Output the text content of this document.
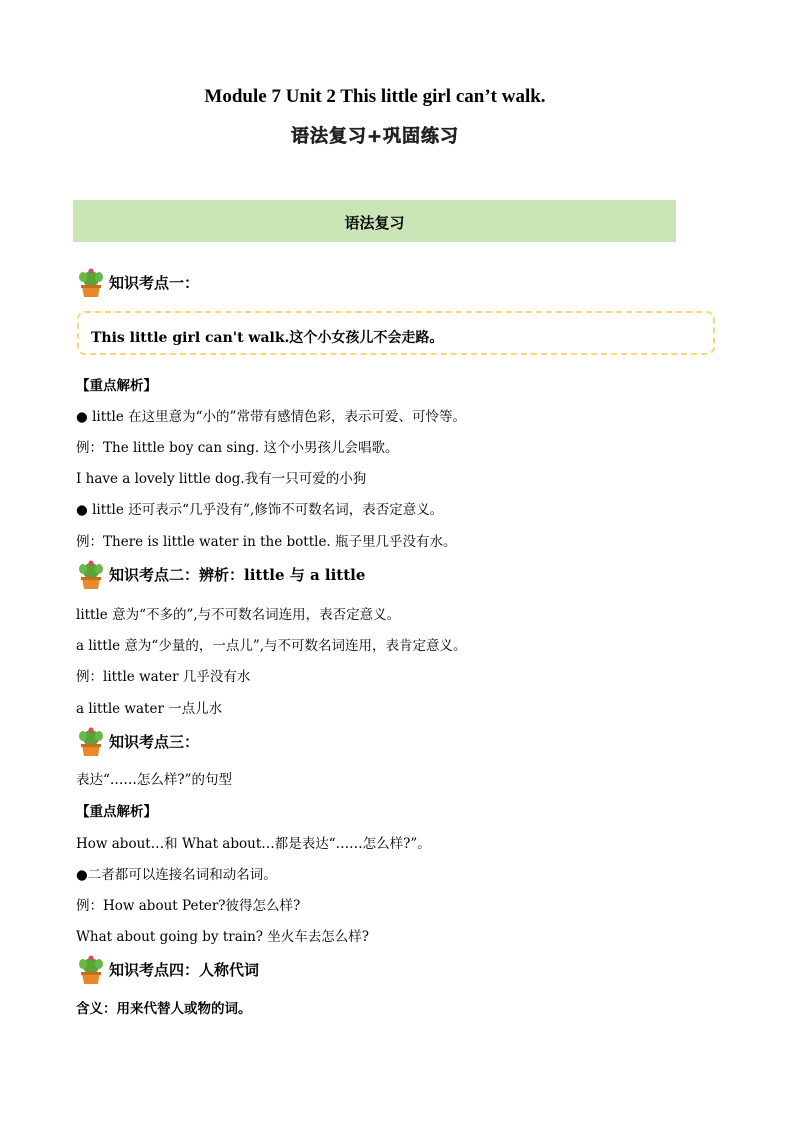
Module 7 Unit 2 This little girl can’t walk.
语法复习+巩固练习
语法复习
知识考点一：
This little girl can't walk.这个小女孩儿不会走路。
【重点解析】
● little 在这里意为“小的”常带有感情色彩，表示可爱、可怜等。
例：The little boy can sing. 这个小男孩儿会唱歌。
I have a lovely little dog.我有一只可爱的小狗
● little 还可表示“几乎没有”,修饰不可数名词，表否定意义。
例：There is little water in the bottle. 瓶子里几乎没有水。
知识考点二：辨析：little 与 a little
little 意为“不多的”,与不可数名词连用，表否定意义。
a little 意为“少量的，一点儿”,与不可数名词连用，表肯定意义。
例：little water 几乎没有水
a little water 一点儿水
知识考点三：
表达“……怎么样?”的句型
【重点解析】
How about…和 What about…都是表达“……怎么样?”。
●二者都可以连接名词和动名词。
例：How about Peter?彼得怎么样?
What about going by train? 坐火车去怎么样?
知识考点四：人称代词
含义：用来代替人或物的词。
